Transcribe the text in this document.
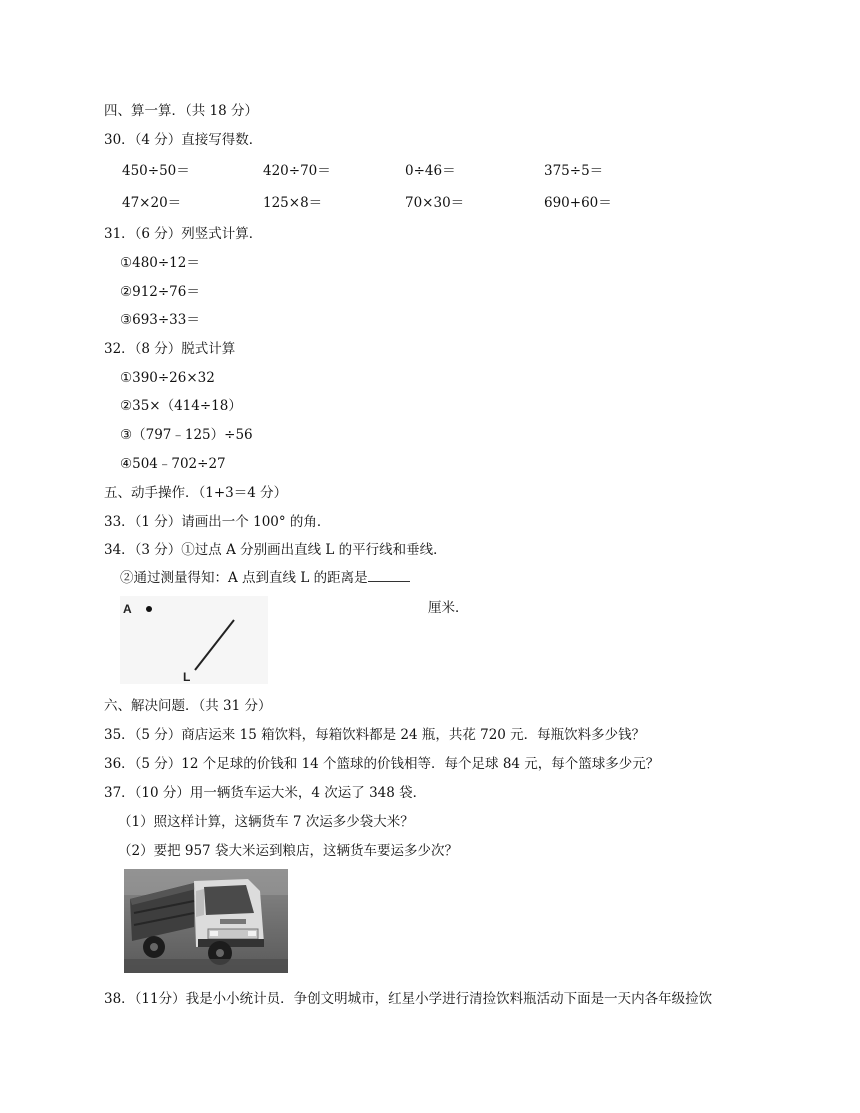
四、算一算．（共 18 分）
30．（4 分）直接写得数．
450÷50＝	420÷70＝	0÷46＝	375÷5＝
47×20＝	125×8＝	70×30＝	690+60＝
31．（6 分）列竖式计算．
①480÷12＝
②912÷76＝
③693÷33＝
32．（8 分）脱式计算
①390÷26×32
②35×（414÷18）
③（797﹣125）÷56
④504﹣702÷27
五、动手操作．（1+3＝4 分）
33．（1 分）请画出一个 100° 的角．
34．（3 分）①过点 A 分别画出直线 L 的平行线和垂线．
②通过测量得知：A 点到直线 L 的距离是
厘米．
A
L
六、解决问题．（共 31 分）
35．（5 分）商店运来 15 箱饮料，每箱饮料都是 24 瓶，共花 720 元．每瓶饮料多少钱？
36．（5 分）12 个足球的价钱和 14 个篮球的价钱相等．每个足球 84 元，每个篮球多少元？
37．（10 分）用一辆货车运大米，4 次运了 348 袋．
（1）照这样计算，这辆货车 7 次运多少袋大米？
（2）要把 957 袋大米运到粮店，这辆货车要运多少次？
38．（11分）我是小小统计员．争创文明城市，红星小学进行清捡饮料瓶活动下面是一天内各年级捡饮
